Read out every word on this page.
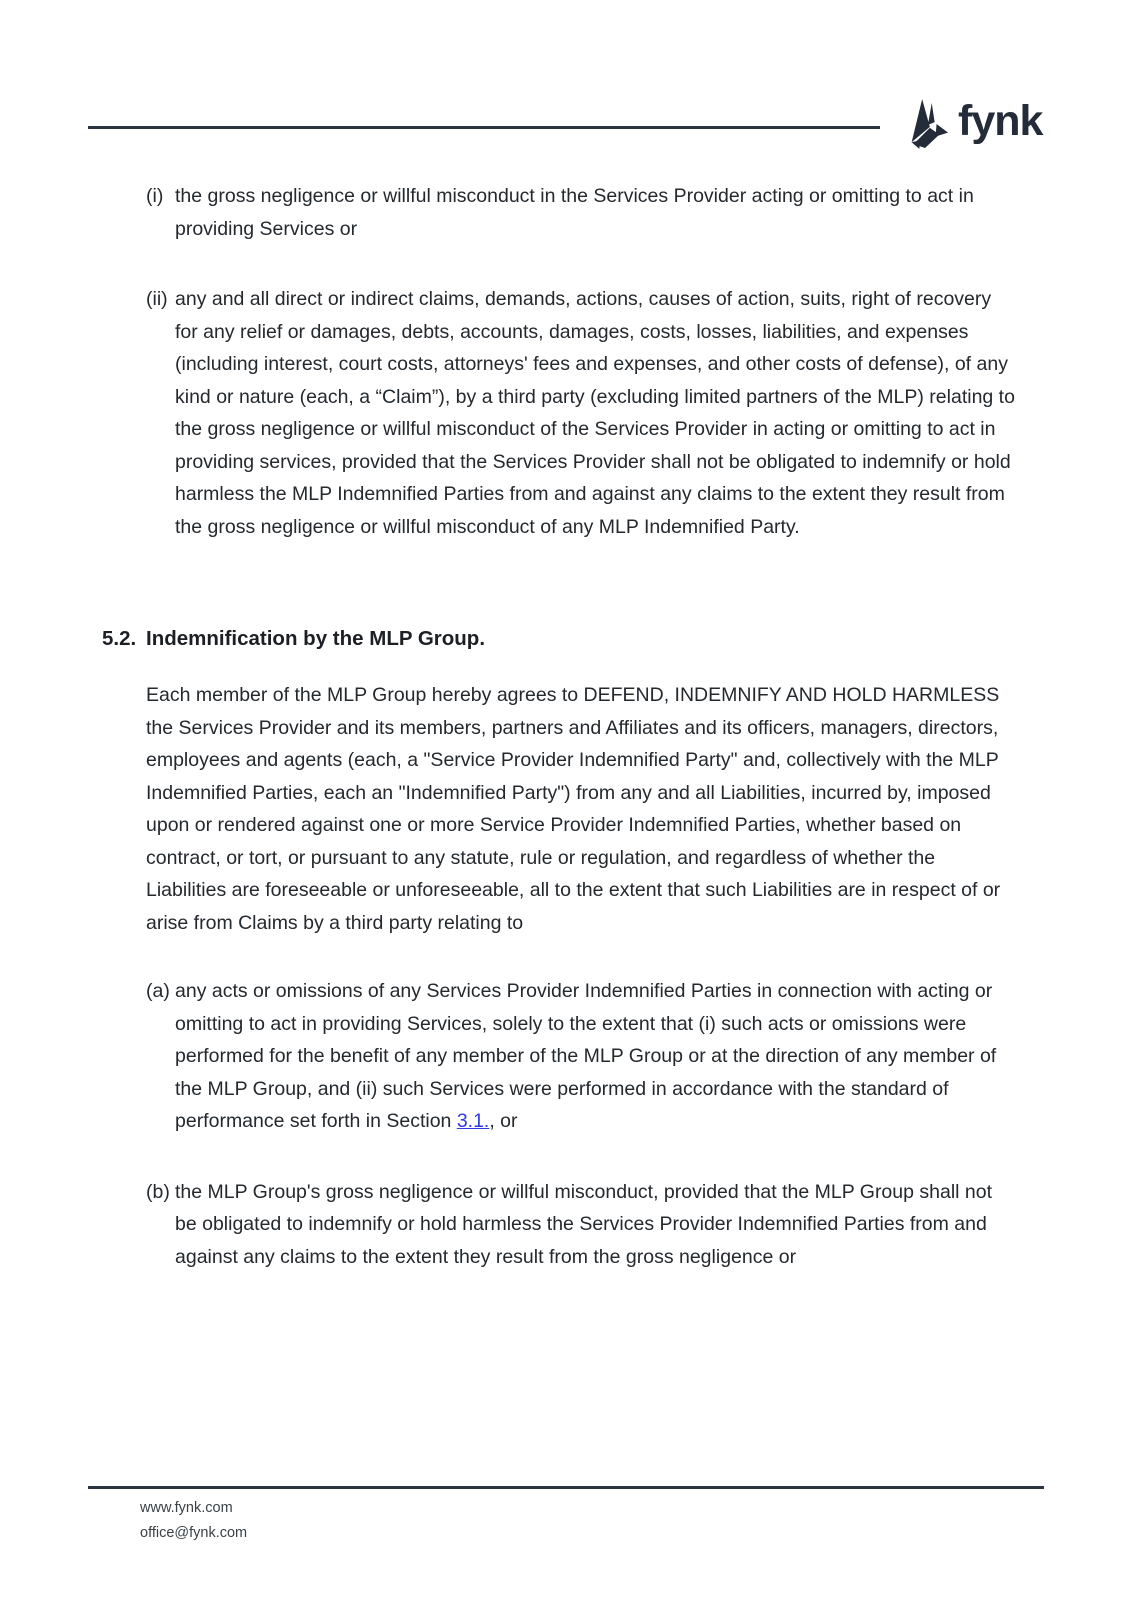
fynk
(i) the gross negligence or willful misconduct in the Services Provider acting or omitting to act in providing Services or
(ii) any and all direct or indirect claims, demands, actions, causes of action, suits, right of recovery for any relief or damages, debts, accounts, damages, costs, losses, liabilities, and expenses (including interest, court costs, attorneys' fees and expenses, and other costs of defense), of any kind or nature (each, a “Claim”), by a third party (excluding limited partners of the MLP) relating to the gross negligence or willful misconduct of the Services Provider in acting or omitting to act in providing services, provided that the Services Provider shall not be obligated to indemnify or hold harmless the MLP Indemnified Parties from and against any claims to the extent they result from the gross negligence or willful misconduct of any MLP Indemnified Party.
5.2. Indemnification by the MLP Group.

Each member of the MLP Group hereby agrees to DEFEND, INDEMNIFY AND HOLD HARMLESS the Services Provider and its members, partners and Affiliates and its officers, managers, directors, employees and agents (each, a "Service Provider Indemnified Party" and, collectively with the MLP Indemnified Parties, each an "Indemnified Party") from any and all Liabilities, incurred by, imposed upon or rendered against one or more Service Provider Indemnified Parties, whether based on contract, or tort, or pursuant to any statute, rule or regulation, and regardless of whether the Liabilities are foreseeable or unforeseeable, all to the extent that such Liabilities are in respect of or arise from Claims by a third party relating to

(a) any acts or omissions of any Services Provider Indemnified Parties in connection with acting or omitting to act in providing Services, solely to the extent that (i) such acts or omissions were performed for the benefit of any member of the MLP Group or at the direction of any member of the MLP Group, and (ii) such Services were performed in accordance with the standard of performance set forth in Section 3.1., or
(b) the MLP Group's gross negligence or willful misconduct, provided that the MLP Group shall not be obligated to indemnify or hold harmless the Services Provider Indemnified Parties from and against any claims to the extent they result from the gross negligence or
www.fynk.com
office@fynk.com
